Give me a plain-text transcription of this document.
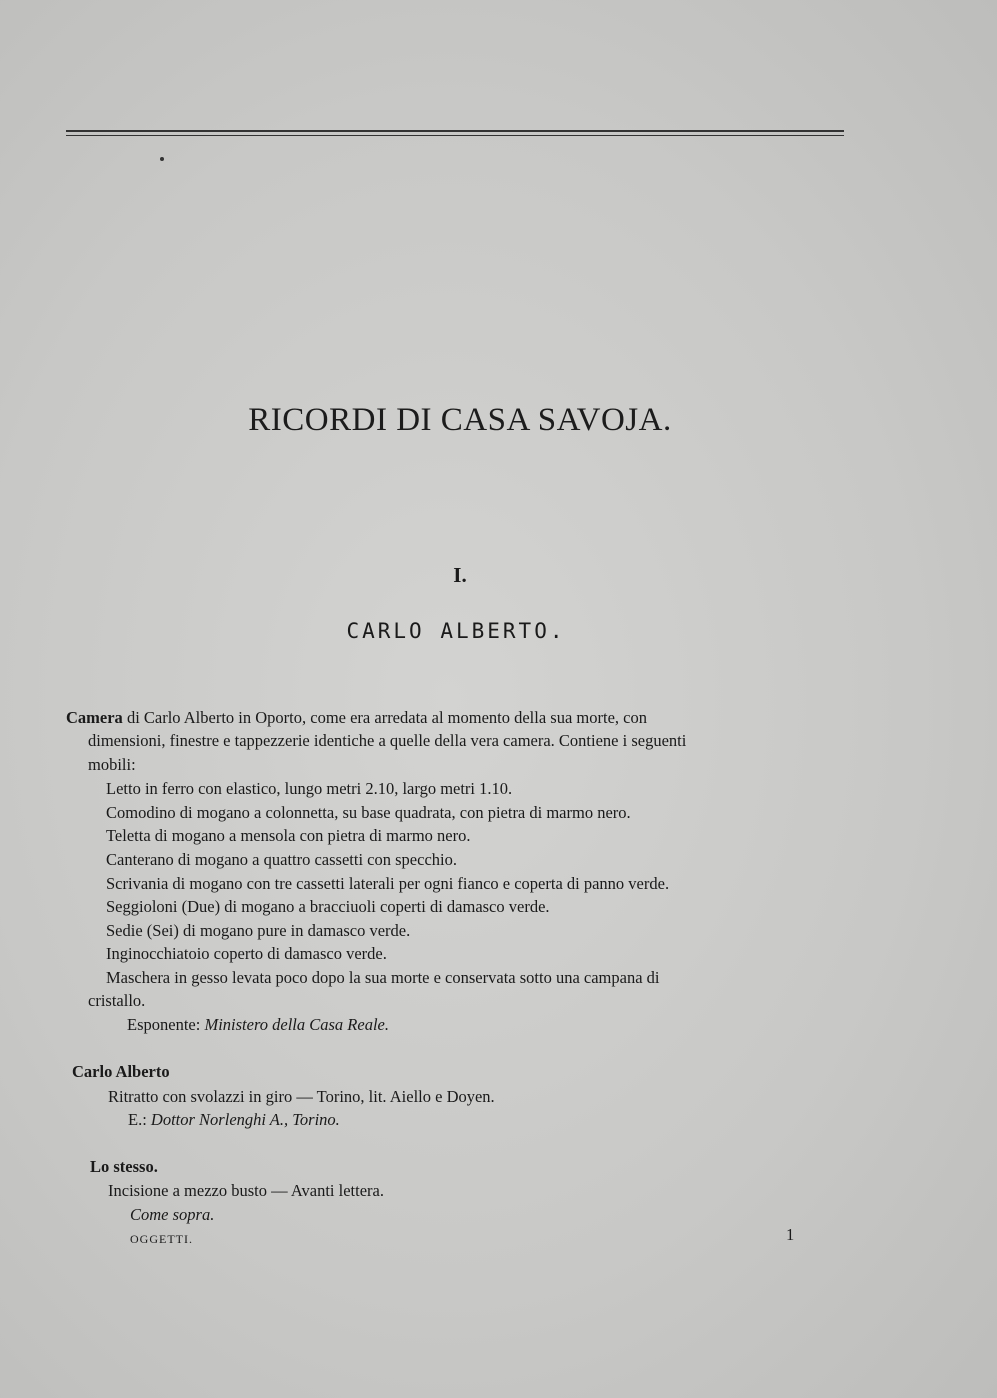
RICORDI DI CASA SAVOJA.
I.
CARLO ALBERTO.
Camera di Carlo Alberto in Oporto, come era arredata al momento della sua morte, con
dimensioni, finestre e tappezzerie identiche a quelle della vera camera. Contiene i seguenti
mobili:
Letto in ferro con elastico, lungo metri 2.10, largo metri 1.10.
Comodino di mogano a colonnetta, su base quadrata, con pietra di marmo nero.
Teletta di mogano a mensola con pietra di marmo nero.
Canterano di mogano a quattro cassetti con specchio.
Scrivania di mogano con tre cassetti laterali per ogni fianco e coperta di panno verde.
Seggioloni (Due) di mogano a bracciuoli coperti di damasco verde.
Sedie (Sei) di mogano pure in damasco verde.
Inginocchiatoio coperto di damasco verde.
Maschera in gesso levata poco dopo la sua morte e conservata sotto una campana di
cristallo.
Esponente: Ministero della Casa Reale.
Carlo Alberto
Ritratto con svolazzi in giro — Torino, lit. Aiello e Doyen.
E.: Dottor Norlenghi A., Torino.
Lo stesso.
Incisione a mezzo busto — Avanti lettera.
Come sopra.
OGGETTI.	1
